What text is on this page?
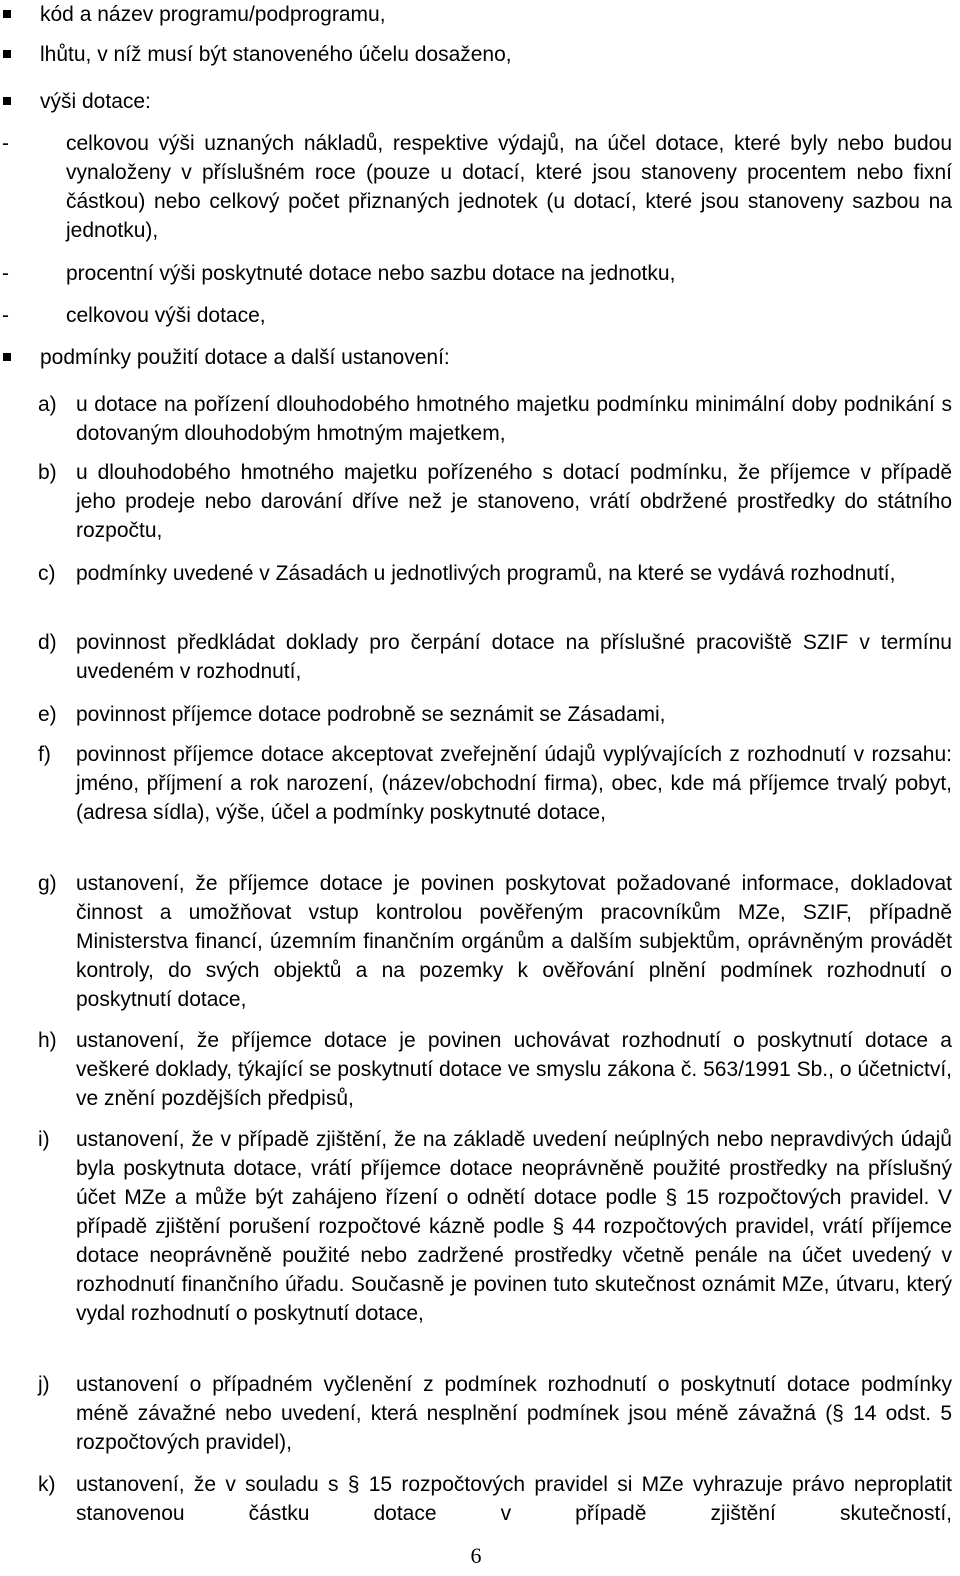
kód a název programu/podprogramu,
lhůtu, v níž musí být stanoveného účelu dosaženo,
výši dotace:
-	celkovou výši uznaných nákladů, respektive výdajů, na účel dotace, které byly nebo budou vynaloženy v příslušném roce (pouze u dotací, které jsou stanoveny procentem nebo fixní částkou) nebo celkový počet přiznaných jednotek (u dotací, které jsou stanoveny sazbou na jednotku),
-	procentní výši poskytnuté dotace nebo sazbu dotace na jednotku,
-	celkovou výši dotace,
podmínky použití dotace a další ustanovení:
a) u dotace na pořízení dlouhodobého hmotného majetku podmínku minimální doby podnikání s dotovaným dlouhodobým hmotným majetkem,
b) u dlouhodobého hmotného majetku pořízeného s dotací podmínku, že příjemce v případě jeho prodeje nebo darování dříve než je stanoveno, vrátí obdržené prostředky do státního rozpočtu,
c) podmínky uvedené v Zásadách u jednotlivých programů, na které se vydává rozhodnutí,
d) povinnost předkládat doklady pro čerpání dotace na příslušné pracoviště SZIF v termínu uvedeném v rozhodnutí,
e) povinnost příjemce dotace podrobně se seznámit se Zásadami,
f) povinnost příjemce dotace akceptovat zveřejnění údajů vyplývajících z rozhodnutí v rozsahu: jméno, příjmení a rok narození, (název/obchodní firma), obec, kde má příjemce trvalý pobyt, (adresa sídla), výše, účel a podmínky poskytnuté dotace,
g) ustanovení, že příjemce dotace je povinen poskytovat požadované informace, dokladovat činnost a umožňovat vstup kontrolou pověřeným pracovníkům MZe, SZIF, případně Ministerstva financí, územním finančním orgánům a dalším subjektům, oprávněným provádět kontroly, do svých objektů a na pozemky k ověřování plnění podmínek rozhodnutí o poskytnutí dotace,
h) ustanovení, že příjemce dotace je povinen uchovávat rozhodnutí o poskytnutí dotace a veškeré doklady, týkající se poskytnutí dotace ve smyslu zákona č. 563/1991 Sb., o účetnictví, ve znění pozdějších předpisů,
i) ustanovení, že v případě zjištění, že na základě uvedení neúplných nebo nepravdivých údajů byla poskytnuta dotace, vrátí příjemce dotace neoprávněně použité prostředky na příslušný účet MZe a může být zahájeno řízení o odnětí dotace podle § 15 rozpočtových pravidel. V případě zjištění porušení rozpočtové kázně podle § 44 rozpočtových pravidel, vrátí příjemce dotace neoprávněně použité nebo zadržené prostředky včetně penále na účet uvedený v rozhodnutí finančního úřadu. Současně je povinen tuto skutečnost oznámit MZe, útvaru, který vydal rozhodnutí o poskytnutí dotace,
j) ustanovení o případném vyčlenění z podmínek rozhodnutí o poskytnutí dotace podmínky méně závažné nebo uvedení, která nesplnění podmínek jsou méně závažná (§ 14 odst. 5 rozpočtových pravidel),
k) ustanovení, že v souladu s § 15 rozpočtových pravidel si MZe vyhrazuje právo neproplatit stanovenou částku dotace v případě zjištění skutečností,
6
